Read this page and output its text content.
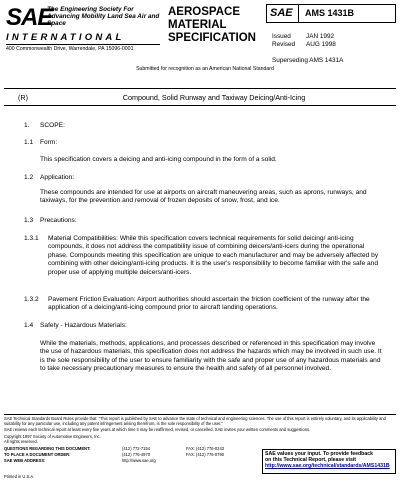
SAE
The Engineering Society For Advancing Mobility Land Sea Air and Space
INTERNATIONAL
400 Commonwealth Drive, Warrendale, PA 15096-0001
AEROSPACE MATERIAL SPECIFICATION
Submitted for recognition as an American National Standard
SAE AMS 1431B
Issued JAN 1992
Revised AUG 1998
Superseding AMS 1431A
(R)	Compound, Solid Runway and Taxiway Deicing/Anti-Icing
1. SCOPE:
1.1 Form:
This specification covers a deicing and anti-icing compound in the form of a solid.
1.2 Application:
These compounds are intended for use at airports on aircraft maneuvering areas, such as aprons, runways, and taxiways, for the prevention and removal of frozen deposits of snow, frost, and ice.
1.3 Precautions:
1.3.1 Material Compatibilities: While this specification covers technical requirements for solid deicing/ anti-icing compounds, it does not address the compatibility issue of combining deicers/anti-icers during the operational phase. Compounds meeting this specification are unique to each manufacturer and may be adversely affected by combining with other deicing/anti-icing products. It is the user's responsibility to become familiar with the safe and proper use of applying multiple deicers/anti-icers.
1.3.2 Pavement Friction Evaluation: Airport authorities should ascertain the friction coefficient of the runway after the application of a deicing/anti-icing compound prior to aircraft landing operations.
1.4 Safety - Hazardous Materials:
While the materials, methods, applications, and processes described or referenced in this specification may involve the use of hazardous materials, this specification does not address the hazards which may be involved in such use. It is the sole responsibility of the user to ensure familiarity with the safe and proper use of any hazardous materials and to take necessary precautionary measures to ensure the health and safety of all personnel involved.
SAE Technical Standards Board Rules provide that: "This report is published by SAE to advance the state of technical and engineering sciences. The use of this report is entirely voluntary, and its applicability and suitability for any particular use, including any patent infringement arising therefrom, is the sole responsibility of the user."
SAE reviews each technical report at least every five years at which time it may be reaffirmed, revised, or cancelled. SAE invites your written comments and suggestions.
Copyright 1997 Society of Automotive Engineers, Inc.
All rights reserved.
QUESTIONS REGARDING THIS DOCUMENT:	(412) 772-7154	FAX: (412) 776-0243
TO PLACE A DOCUMENT ORDER:	(412) 776-4970	FAX: (412) 776-0790
SAE WEB ADDRESS:	http://www.sae.org
Printed in U.S.A.
SAE values your input. To provide feedback
on this Technical Report, please visit
http://www.sae.org/technical/standards/AMS1431B
